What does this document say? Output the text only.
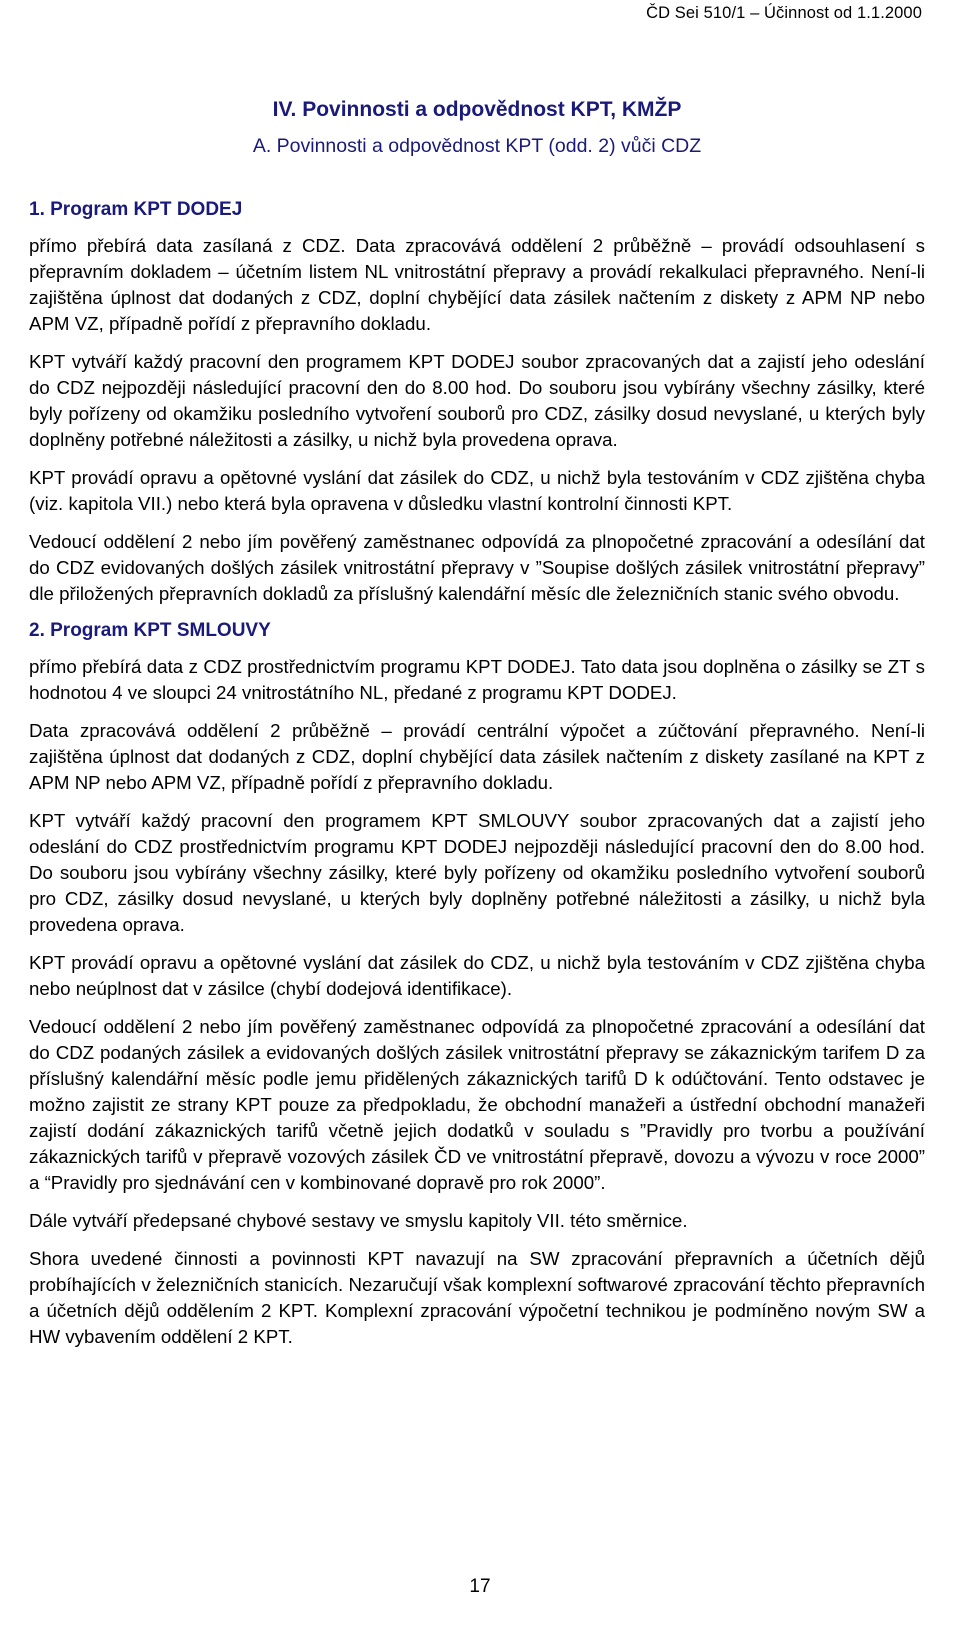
ČD Sei 510/1 – Účinnost od 1.1.2000
IV. Povinnosti a odpovědnost KPT, KMŽP
A. Povinnosti a odpovědnost KPT (odd. 2) vůči CDZ
1. Program KPT DODEJ

přímo přebírá data zasílaná z CDZ. Data zpracovává oddělení 2 průběžně – provádí odsouhlasení s přepravním dokladem – účetním listem NL vnitrostátní přepravy a provádí rekalkulaci přepravného. Není-li zajištěna úplnost dat dodaných z CDZ, doplní chybějící data zásilek načtením z diskety z APM NP nebo APM VZ, případně pořídí z přepravního dokladu.

KPT vytváří každý pracovní den programem KPT DODEJ soubor zpracovaných dat a zajistí jeho odeslání do CDZ nejpozději následující pracovní den do 8.00 hod. Do souboru jsou vybírány všechny zásilky, které byly pořízeny od okamžiku posledního vytvoření souborů pro CDZ, zásilky dosud nevyslané, u kterých byly doplněny potřebné náležitosti a zásilky, u nichž byla provedena oprava.

KPT provádí opravu a opětovné vyslání dat zásilek do CDZ, u nichž byla testováním v CDZ zjištěna chyba (viz. kapitola VII.) nebo která byla opravena v důsledku vlastní kontrolní činnosti KPT.

Vedoucí oddělení 2 nebo jím pověřený zaměstnanec odpovídá za plnopočetné zpracování a odesílání dat do CDZ evidovaných došlých zásilek vnitrostátní přepravy v ”Soupise došlých zásilek vnitrostátní přepravy” dle přiložených přepravních dokladů za příslušný kalendářní měsíc dle železničních stanic svého obvodu.

2. Program KPT SMLOUVY

přímo přebírá data z CDZ prostřednictvím programu KPT DODEJ. Tato data jsou doplněna o zásilky se ZT s hodnotou 4 ve sloupci 24 vnitrostátního NL, předané z programu KPT DODEJ.

Data zpracovává oddělení 2 průběžně – provádí centrální výpočet a zúčtování přepravného. Není-li zajištěna úplnost dat dodaných z CDZ, doplní chybějící data zásilek načtením z diskety zasílané na KPT z APM NP nebo APM VZ, případně pořídí z přepravního dokladu.

KPT vytváří každý pracovní den programem KPT SMLOUVY soubor zpracovaných dat a zajistí jeho odeslání do CDZ prostřednictvím programu KPT DODEJ nejpozději následující pracovní den do 8.00 hod. Do souboru jsou vybírány všechny zásilky, které byly pořízeny od okamžiku posledního vytvoření souborů pro CDZ, zásilky dosud nevyslané, u kterých byly doplněny potřebné náležitosti a zásilky, u nichž byla provedena oprava.

KPT provádí opravu a opětovné vyslání dat zásilek do CDZ, u nichž byla testováním v CDZ zjištěna chyba nebo neúplnost dat v zásilce (chybí dodejová identifikace).

Vedoucí oddělení 2 nebo jím pověřený zaměstnanec odpovídá za plnopočetné zpracování a odesílání dat do CDZ podaných zásilek a evidovaných došlých zásilek vnitrostátní přepravy se zákaznickým tarifem D za příslušný kalendářní měsíc podle jemu přidělených zákaznických tarifů D k odúčtování. Tento odstavec je možno zajistit ze strany KPT pouze za předpokladu, že obchodní manažeři a ústřední obchodní manažeři zajistí dodání zákaznických tarifů včetně jejich dodatků v souladu s ”Pravidly pro tvorbu a používání zákaznických tarifů v přepravě vozových zásilek ČD ve vnitrostátní přepravě, dovozu a vývozu v roce 2000” a “Pravidly pro sjednávání cen v kombinované dopravě pro rok 2000”.

Dále vytváří předepsané chybové sestavy ve smyslu kapitoly VII. této směrnice.

Shora uvedené činnosti a povinnosti KPT navazují na SW zpracování přepravních a účetních dějů probíhajících v železničních stanicích. Nezaručují však komplexní softwarové zpracování těchto přepravních a účetních dějů oddělením 2 KPT. Komplexní zpracování výpočetní technikou je podmíněno novým SW a HW vybavením oddělení 2 KPT.

17
